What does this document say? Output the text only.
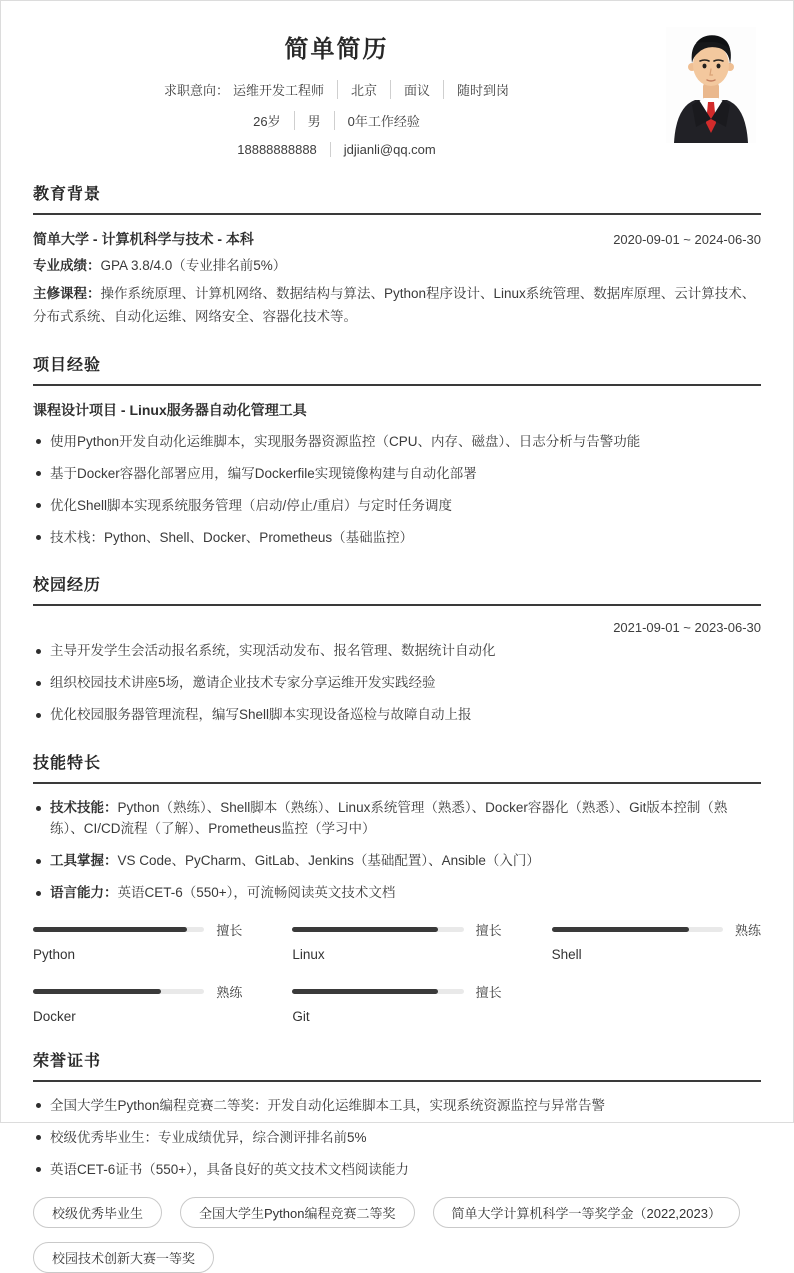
简单简历
求职意向： 运维开发工程师 北京 面议 随时到岗
26岁 男 0年工作经验
18888888888 jdjianli@qq.com
教育背景
简单大学 - 计算机科学与技术 - 本科	2020-09-01 ~ 2024-06-30
专业成绩：GPA 3.8/4.0（专业排名前5%）
主修课程：操作系统原理、计算机网络、数据结构与算法、Python程序设计、Linux系统管理、数据库原理、云计算技术、分布式系统、自动化运维、网络安全、容器化技术等。
项目经验
课程设计项目 - Linux服务器自动化管理工具
使用Python开发自动化运维脚本，实现服务器资源监控（CPU、内存、磁盘）、日志分析与告警功能
基于Docker容器化部署应用，编写Dockerfile实现镜像构建与自动化部署
优化Shell脚本实现系统服务管理（启动/停止/重启）与定时任务调度
技术栈：Python、Shell、Docker、Prometheus（基础监控）
校园经历
2021-09-01 ~ 2023-06-30
主导开发学生会活动报名系统，实现活动发布、报名管理、数据统计自动化
组织校园技术讲座5场，邀请企业技术专家分享运维开发实践经验
优化校园服务器管理流程，编写Shell脚本实现设备巡检与故障自动上报
技能特长
技术技能：Python（熟练）、Shell脚本（熟练）、Linux系统管理（熟悉）、Docker容器化（熟悉）、Git版本控制（熟练）、CI/CD流程（了解）、Prometheus监控（学习中）
工具掌握：VS Code、PyCharm、GitLab、Jenkins（基础配置）、Ansible（入门）
语言能力：英语CET-6（550+），可流畅阅读英文技术文档
擅长
Python
擅长
Linux
熟练
Shell
熟练
Docker
擅长
Git
荣誉证书
全国大学生Python编程竞赛二等奖：开发自动化运维脚本工具，实现系统资源监控与异常告警
校级优秀毕业生：专业成绩优异，综合测评排名前5%
英语CET-6证书（550+），具备良好的英文技术文档阅读能力
校级优秀毕业生	全国大学生Python编程竞赛二等奖	简单大学计算机科学一等奖学金（2022,2023）
校园技术创新大赛一等奖
